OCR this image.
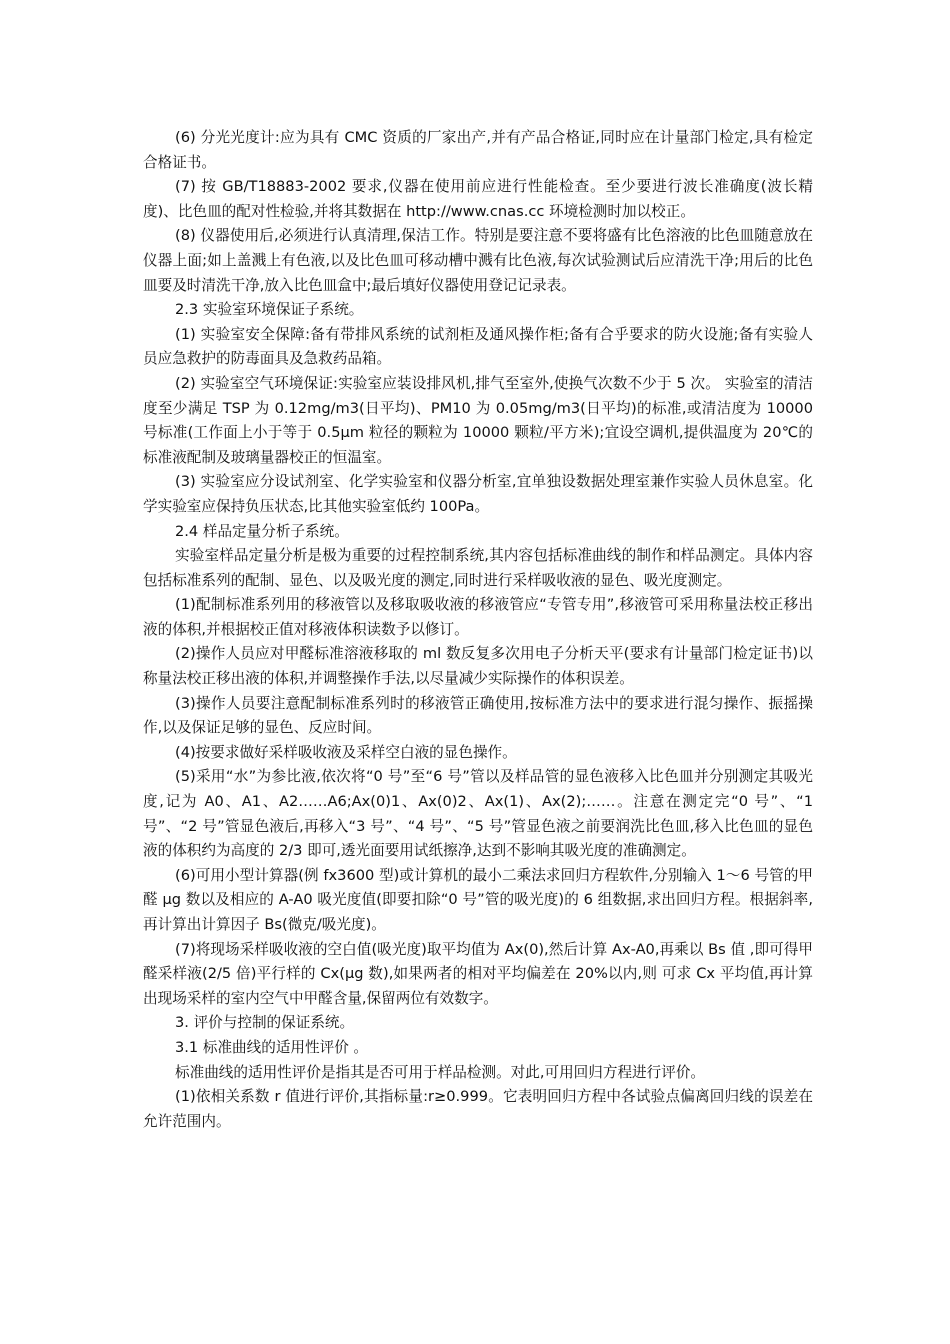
(6) 分光光度计:应为具有 CMC 资质的厂家出产,并有产品合格证,同时应在计量部门检定,具有检定合格证书。

(7) 按 GB/T18883-2002 要求,仪器在使用前应进行性能检查。至少要进行波长准确度(波长精度)、比色皿的配对性检验,并将其数据在 http://www.cnas.cc 环境检测时加以校正。

(8) 仪器使用后,必须进行认真清理,保洁工作。特别是要注意不要将盛有比色溶液的比色皿随意放在仪器上面;如上盖溅上有色液,以及比色皿可移动槽中溅有比色液,每次试验测试后应清洗干净;用后的比色皿要及时清洗干净,放入比色皿盒中;最后填好仪器使用登记记录表。

2.3 实验室环境保证子系统。

(1) 实验室安全保障:备有带排风系统的试剂柜及通风操作柜;备有合乎要求的防火设施;备有实验人员应急救护的防毒面具及急救药品箱。

(2) 实验室空气环境保证:实验室应装设排风机,排气至室外,使换气次数不少于 5 次。 实验室的清洁度至少满足 TSP 为 0.12mg/m3(日平均)、PM10 为 0.05mg/m3(日平均)的标准,或清洁度为 10000 号标准(工作面上小于等于 0.5μm 粒径的颗粒为 10000 颗粒/平方米);宜设空调机,提供温度为 20℃的标准液配制及玻璃量器校正的恒温室。

(3) 实验室应分设试剂室、化学实验室和仪器分析室,宜单独设数据处理室兼作实验人员休息室。化学实验室应保持负压状态,比其他实验室低约 100Pa。

2.4 样品定量分析子系统。

实验室样品定量分析是极为重要的过程控制系统,其内容包括标准曲线的制作和样品测定。具体内容包括标准系列的配制、显色、以及吸光度的测定,同时进行采样吸收液的显色、吸光度测定。

(1)配制标准系列用的移液管以及移取吸收液的移液管应“专管专用”,移液管可采用称量法校正移出液的体积,并根据校正值对移液体积读数予以修订。

(2)操作人员应对甲醛标准溶液移取的 ml 数反复多次用电子分析天平(要求有计量部门检定证书)以称量法校正移出液的体积,并调整操作手法,以尽量减少实际操作的体积误差。

(3)操作人员要注意配制标准系列时的移液管正确使用,按标准方法中的要求进行混匀操作、振摇操作,以及保证足够的显色、反应时间。

(4)按要求做好采样吸收液及采样空白液的显色操作。

(5)采用“水”为参比液,依次将“0 号”至“6 号”管以及样品管的显色液移入比色皿并分别测定其吸光度,记为 A0、A1、A2……A6;Ax(0)1、Ax(0)2、Ax(1)、Ax(2);……。注意在测定完“0 号”、“1 号”、“2 号”管显色液后,再移入“3 号”、“4 号”、“5 号”管显色液之前要润洗比色皿,移入比色皿的显色液的体积约为高度的 2/3 即可,透光面要用试纸擦净,达到不影响其吸光度的准确测定。

(6)可用小型计算器(例 fx3600 型)或计算机的最小二乘法求回归方程软件,分别输入 1～6 号管的甲醛 μg 数以及相应的 A-A0 吸光度值(即要扣除“0 号”管的吸光度)的 6 组数据,求出回归方程。根据斜率,再计算出计算因子 Bs(微克/吸光度)。

(7)将现场采样吸收液的空白值(吸光度)取平均值为 Ax(0),然后计算 Ax-A0,再乘以 Bs 值 ,即可得甲醛采样液(2/5 倍)平行样的 Cx(μg 数),如果两者的相对平均偏差在 20%以内,则 可求 Cx 平均值,再计算出现场采样的室内空气中甲醛含量,保留两位有效数字。

3. 评价与控制的保证系统。

3.1 标准曲线的适用性评价 。

标准曲线的适用性评价是指其是否可用于样品检测。对此,可用回归方程进行评价。

(1)依相关系数 r 值进行评价,其指标量:r≥0.999。它表明回归方程中各试验点偏离回归线的误差在允许范围内。
